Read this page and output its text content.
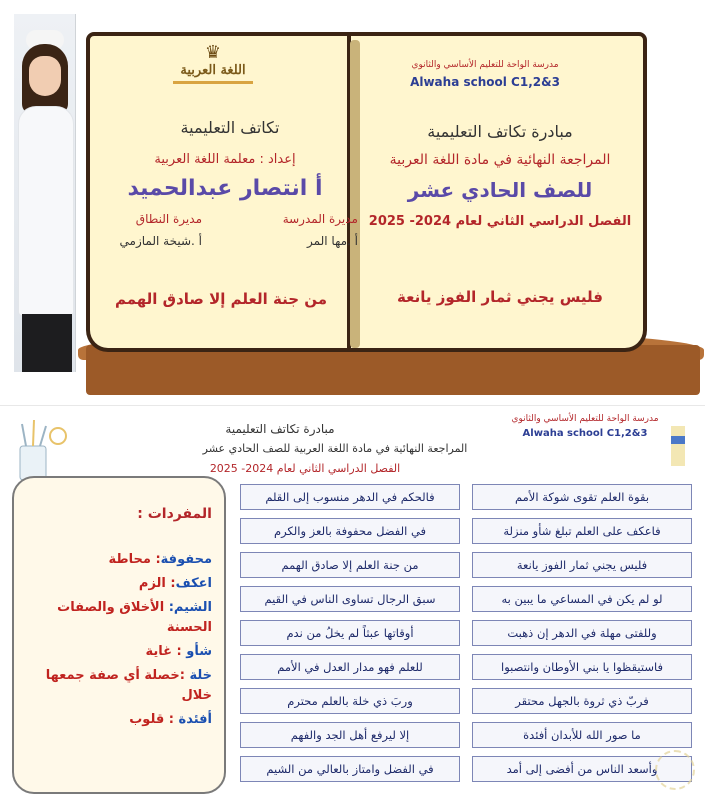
♛
اللغة العربية
تكاتف التعليمية
إعداد : معلمة اللغة العربية
أ انتصار عبدالحميد
مديرة المدرسة
مديرة النطاق
أ .مها المر
أ .شيخة المازمي
من جنة العلم إلا صادق الهمم
مدرسة الواحة للتعليم الأساسي والثانوي
Alwaha school C1,2&3
مبادرة تكاتف التعليمية
المراجعة النهائية في مادة اللغة العربية
للصف الحادي عشر
الفصل الدراسي الثاني لعام 2024- 2025
فليس يجني ثمار الفوز يانعة
مدرسة الواحة للتعليم الأساسي والثانوي
Alwaha school C1,2&3
مبادرة تكاتف التعليمية
المراجعة النهائية في مادة اللغة العربية للصف الحادي عشر
الفصل الدراسي الثاني لعام 2024- 2025
المفردات :
محفوفة: محاطة
اعكف: الزم
الشيم: الأخلاق والصفات الحسنة
شأو : غاية
خلة :خصلة أي صفة جمعها خلال
أفئدة : قلوب
بقوة العلم تقوى شوكة الأمم
فالحكم في الدهر منسوب إلى القلم
فاعكف على العلم تبلغ شأو منزلة
في الفضل محفوفة بالعز والكرم
فليس يجني ثمار الفوز يانعة
من جنة العلم إلا صادق الهمم
لو لم يكن في المساعي ما يبين به
سبق الرجال تساوى الناس في القيم
وللفتى مهلة في الدهر إن ذهبت
أوقاتها عبثاً لم يخلُ من ندم
فاستيقظوا يا بني الأوطان وانتصبوا
للعلم فهو مدار العدل في الأمم
فربّ ذي ثروة بالجهل محتقر
وربَ ذي خلة بالعلم محترم
ما صور الله للأبدان أفئدة
إلا ليرفع أهل الجد والفهم
وأسعد الناس من أفضى إلى أمد
في الفضل وامتاز بالعالي من الشيم
